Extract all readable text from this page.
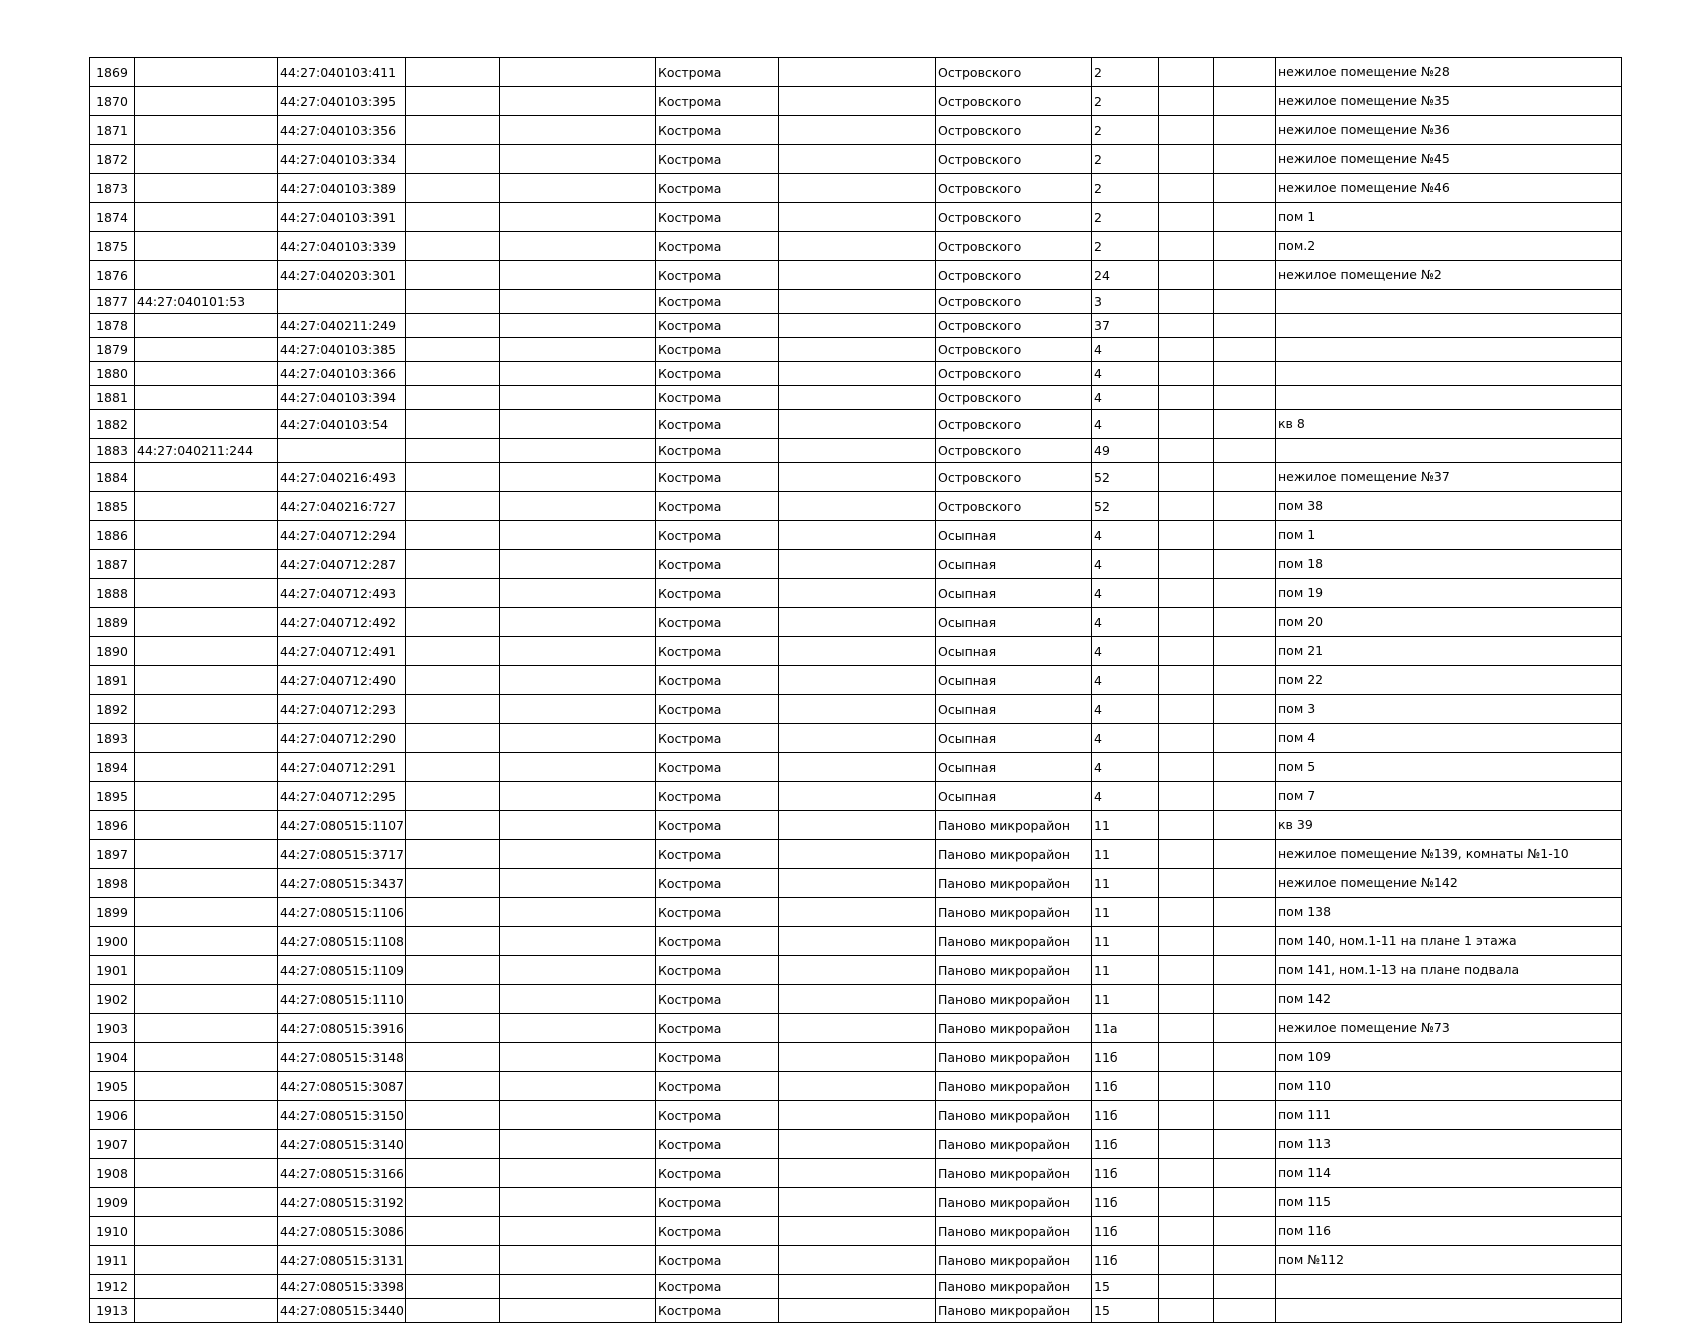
1869		44:27:040103:411			Кострома		Островского	2			нежилое помещение №28
1870		44:27:040103:395			Кострома		Островского	2			нежилое помещение №35
1871		44:27:040103:356			Кострома		Островского	2			нежилое помещение №36
1872		44:27:040103:334			Кострома		Островского	2			нежилое помещение №45
1873		44:27:040103:389			Кострома		Островского	2			нежилое помещение №46
1874		44:27:040103:391			Кострома		Островского	2			пом 1
1875		44:27:040103:339			Кострома		Островского	2			пом.2
1876		44:27:040203:301			Кострома		Островского	24			нежилое помещение №2
1877	44:27:040101:53				Кострома		Островского	3			
1878		44:27:040211:249			Кострома		Островского	37			
1879		44:27:040103:385			Кострома		Островского	4			
1880		44:27:040103:366			Кострома		Островского	4			
1881		44:27:040103:394			Кострома		Островского	4			
1882		44:27:040103:54			Кострома		Островского	4			кв 8
1883	44:27:040211:244				Кострома		Островского	49			
1884		44:27:040216:493			Кострома		Островского	52			нежилое помещение №37
1885		44:27:040216:727			Кострома		Островского	52			пом 38
1886		44:27:040712:294			Кострома		Осыпная	4			пом 1
1887		44:27:040712:287			Кострома		Осыпная	4			пом 18
1888		44:27:040712:493			Кострома		Осыпная	4			пом 19
1889		44:27:040712:492			Кострома		Осыпная	4			пом 20
1890		44:27:040712:491			Кострома		Осыпная	4			пом 21
1891		44:27:040712:490			Кострома		Осыпная	4			пом 22
1892		44:27:040712:293			Кострома		Осыпная	4			пом 3
1893		44:27:040712:290			Кострома		Осыпная	4			пом 4
1894		44:27:040712:291			Кострома		Осыпная	4			пом 5
1895		44:27:040712:295			Кострома		Осыпная	4			пом 7
1896		44:27:080515:1107			Кострома		Паново микрорайон	11			кв 39
1897		44:27:080515:3717			Кострома		Паново микрорайон	11			нежилое помещение №139, комнаты №1-10
1898		44:27:080515:3437			Кострома		Паново микрорайон	11			нежилое помещение №142
1899		44:27:080515:1106			Кострома		Паново микрорайон	11			пом 138
1900		44:27:080515:1108			Кострома		Паново микрорайон	11			пом 140, ном.1-11 на плане 1 этажа
1901		44:27:080515:1109			Кострома		Паново микрорайон	11			пом 141, ном.1-13 на плане подвала
1902		44:27:080515:1110			Кострома		Паново микрорайон	11			пом 142
1903		44:27:080515:3916			Кострома		Паново микрорайон	11а			нежилое помещение №73
1904		44:27:080515:3148			Кострома		Паново микрорайон	11б			пом 109
1905		44:27:080515:3087			Кострома		Паново микрорайон	11б			пом 110
1906		44:27:080515:3150			Кострома		Паново микрорайон	11б			пом 111
1907		44:27:080515:3140			Кострома		Паново микрорайон	11б			пом 113
1908		44:27:080515:3166			Кострома		Паново микрорайон	11б			пом 114
1909		44:27:080515:3192			Кострома		Паново микрорайон	11б			пом 115
1910		44:27:080515:3086			Кострома		Паново микрорайон	11б			пом 116
1911		44:27:080515:3131			Кострома		Паново микрорайон	11б			пом №112
1912		44:27:080515:3398			Кострома		Паново микрорайон	15			
1913		44:27:080515:3440			Кострома		Паново микрорайон	15			
